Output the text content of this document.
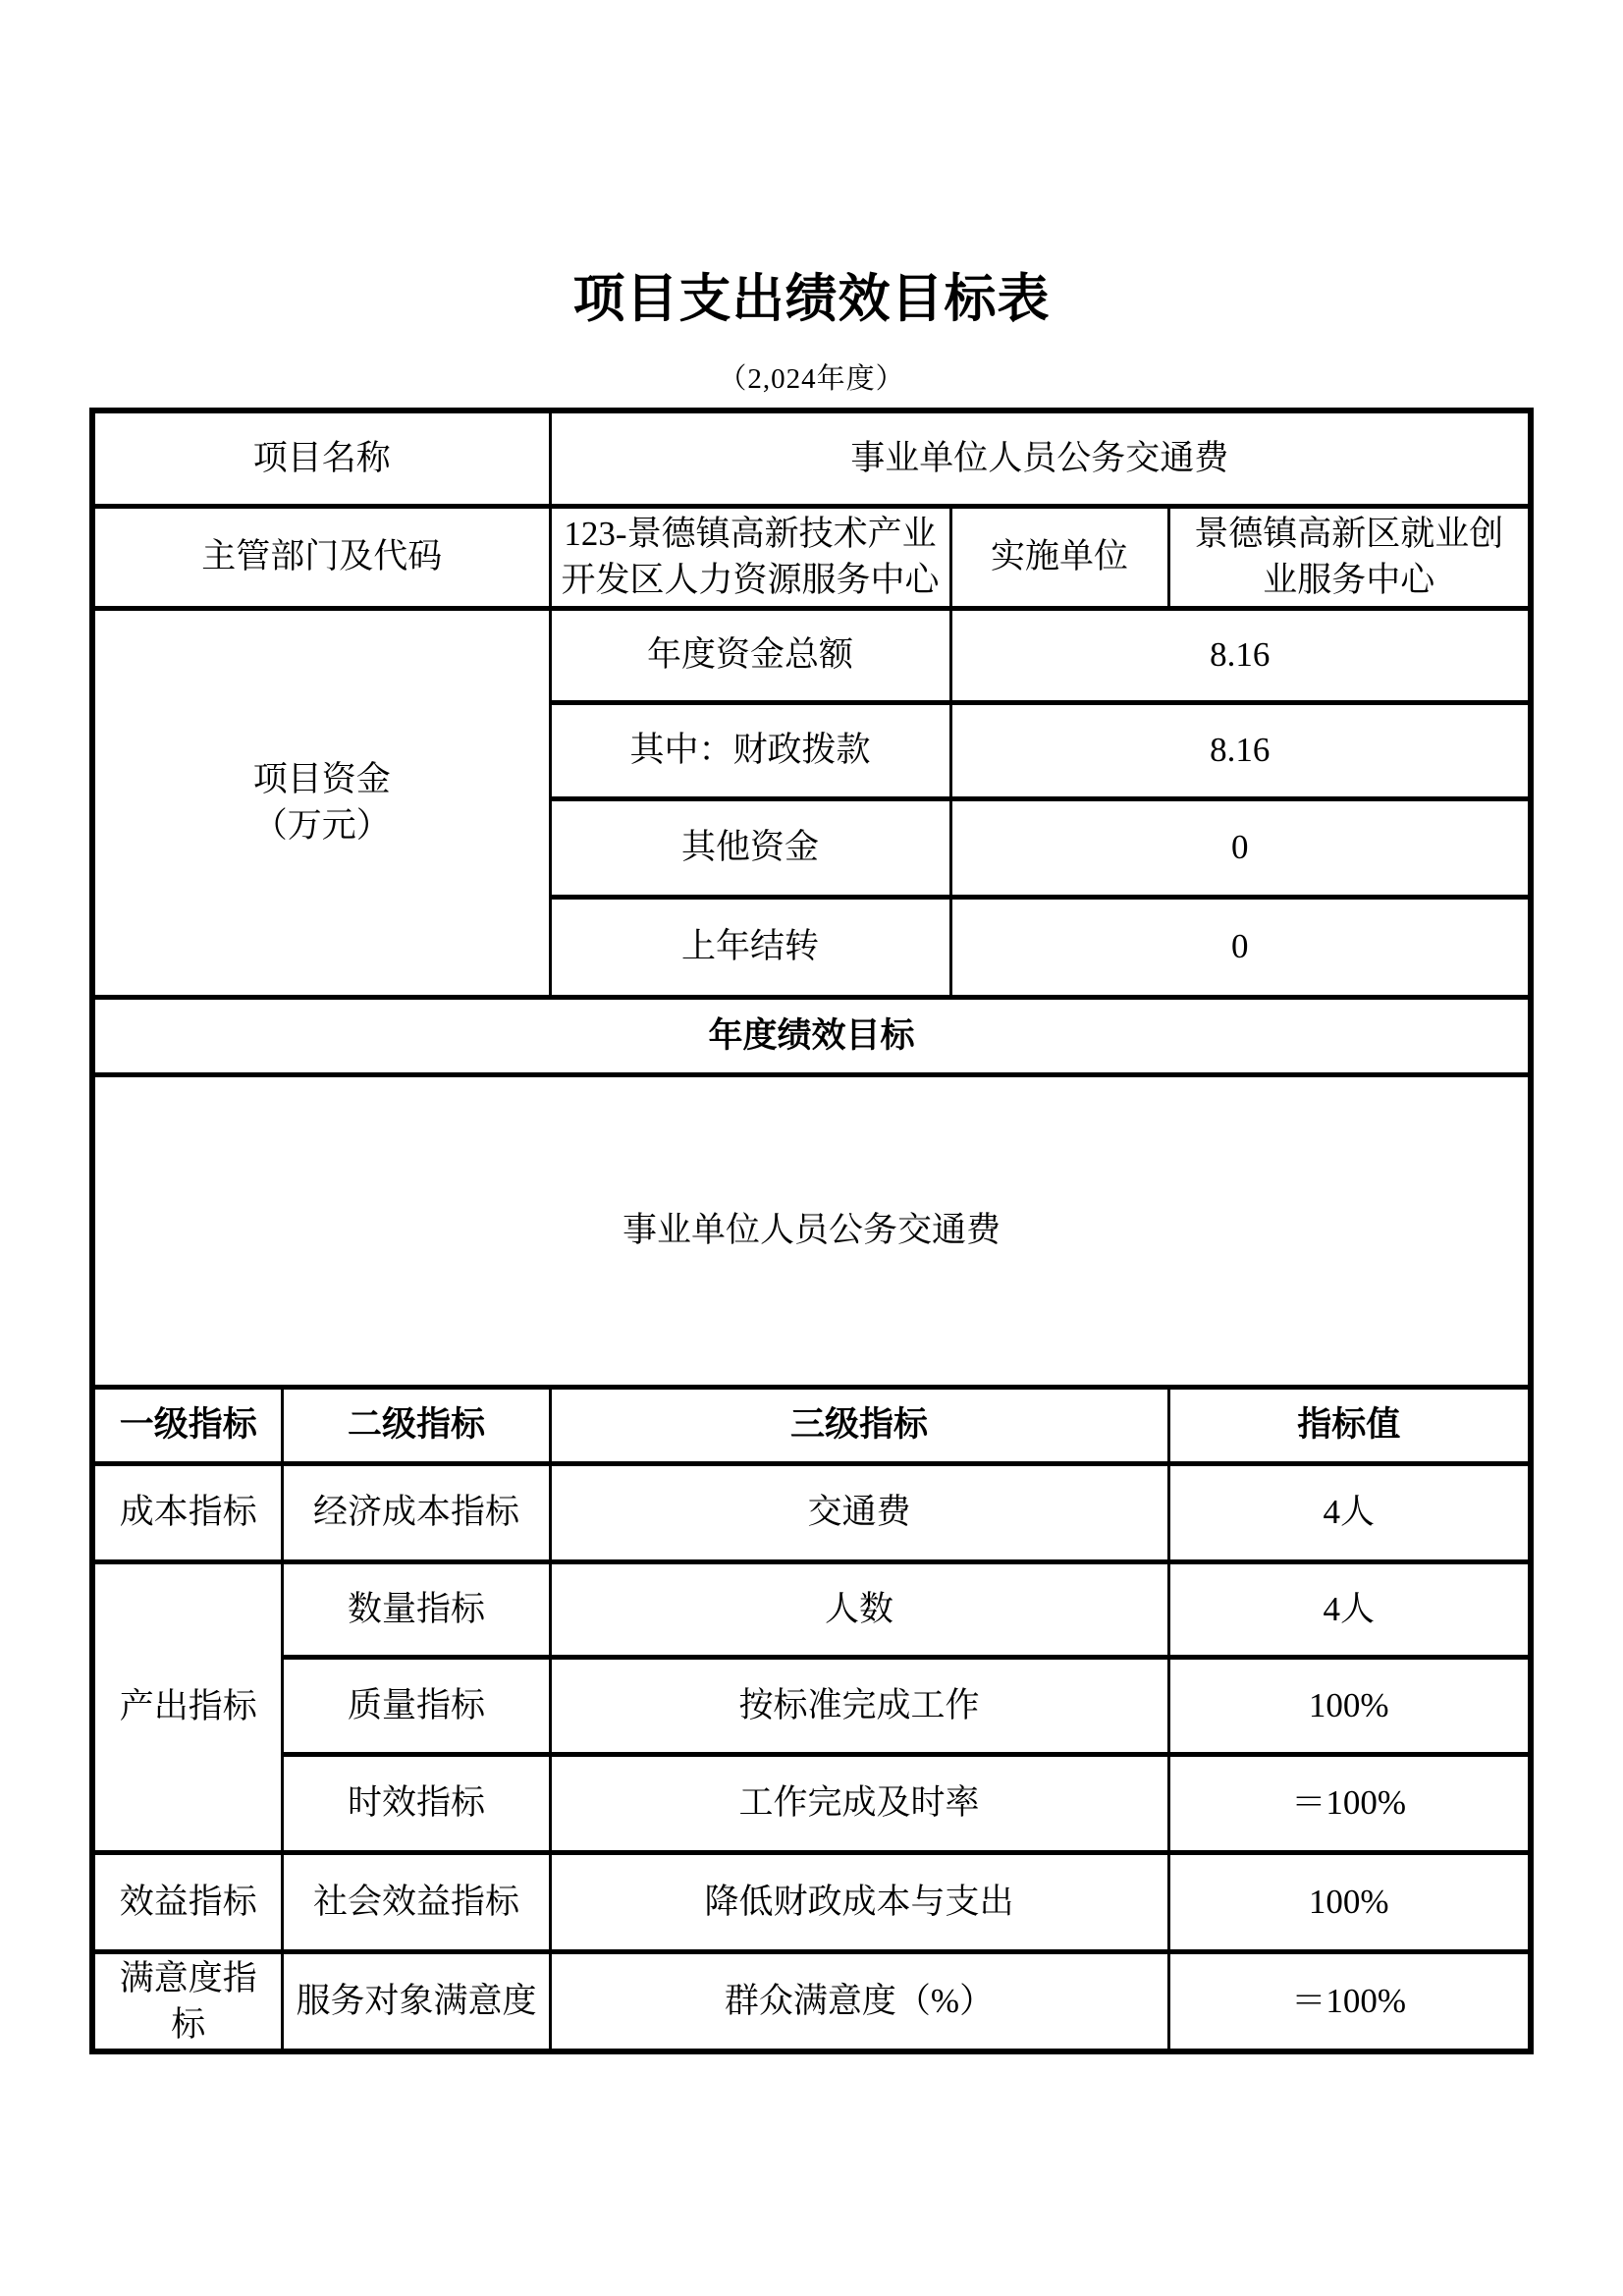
项目支出绩效目标表
（2,024年度）
项目名称		事业单位人员公务交通费		
主管部门及代码		123-景德镇高新技术产业开发区人力资源服务中心	实施单位	景德镇高新区就业创业服务中心
项目资金
（万元）		年度资金总额	8.16	
		其中：财政拨款	8.16	
		其他资金	0	
		上年结转	0	
年度绩效目标				
事业单位人员公务交通费				
一级指标	二级指标	三级指标		指标值
成本指标	经济成本指标	交通费		4人
产出指标	数量指标	人数		4人
	质量指标	按标准完成工作		100%
	时效指标	工作完成及时率		＝100%
效益指标	社会效益指标	降低财政成本与支出		100%
满意度指标	服务对象满意度	群众满意度（%）		＝100%
